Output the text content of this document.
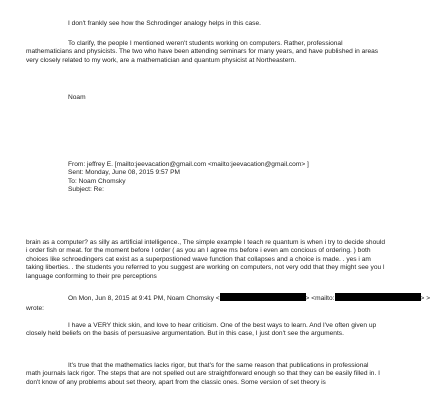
I don't frankly see how the Schrodinger analogy helps in this case.

To clarify, the people I mentioned weren't students working on computers. Rather, professional mathematicians and physicists. The two who have been attending seminars for many years, and have published in areas very closely related to my work, are a mathematician and quantum physicist at Northeastern.

Noam

From: jeffrey E. [mailto:jeevacation@gmail.com <mailto:jeevacation@gmail.com> ]
Sent: Monday, June 08, 2015 9:57 PM
To: Noam Chomsky
Subject: Re:

brain as a computer? as silly as artificial intelligence., The simple example I teach re quantum is when i try to decide should i order fish or meat. for the moment before I order ( as you an I agree ms before i even am concious of ordering. ) both choices like schroedingers cat exist as a superpostioned wave function that collapses and a choice is made. . yes i am taking liberties. . the students you referred to you suggest are working on computers, not very odd that they might see you l language conforming to their pre perceptions

On Mon, Jun 8, 2015 at 9:41 PM, Noam Chomsky <	> <mailto:	> >

wrote:

I have a VERY thick skin, and love to hear criticism. One of the best ways to learn. And I've often given up closely held beliefs on the basis of persuasive argumentation. But in this case, I just don't see the arguments.

It's true that the mathematics lacks rigor, but that's for the same reason that publications in professional math journals lack rigor. The steps that are not spelled out are straightforward enough so that they can be easily filled in. I don't know of any problems about set theory, apart from the classic ones. Some version of set theory is
